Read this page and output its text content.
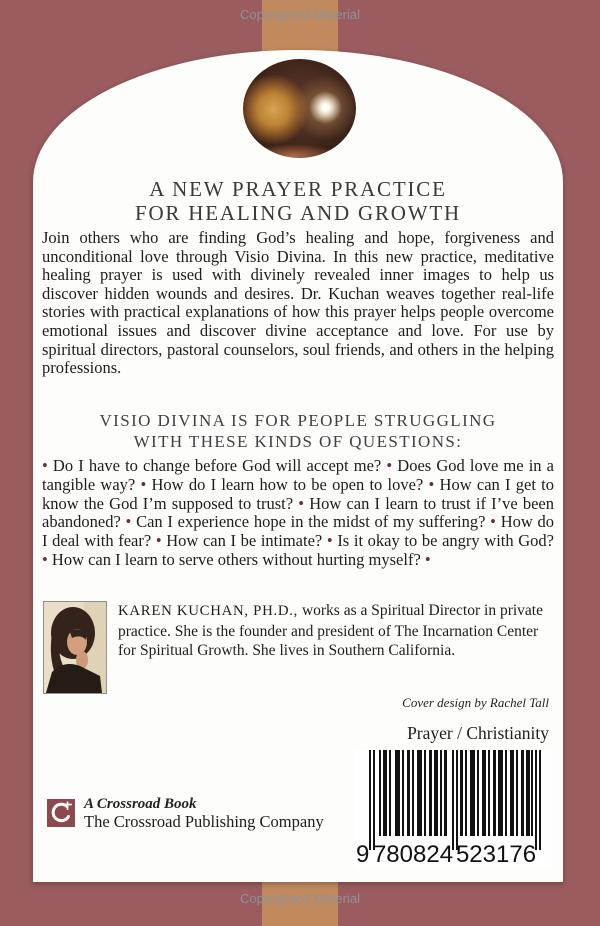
Copyrighted Material
A NEW PRAYER PRACTICE
FOR HEALING AND GROWTH

Join others who are finding God’s healing and hope, forgiveness and unconditional love through Visio Divina. In this new practice, meditative healing prayer is used with divinely revealed inner images to help us discover hidden wounds and desires. Dr. Kuchan weaves together real-life stories with practical explanations of how this prayer helps people overcome emotional issues and discover divine acceptance and love. For use by spiritual directors, pastoral counselors, soul friends, and others in the helping professions.

VISIO DIVINA IS FOR PEOPLE STRUGGLING
WITH THESE KINDS OF QUESTIONS:

• Do I have to change before God will accept me? • Does God love me in a tangible way? • How do I learn how to be open to love? • How can I get to know the God I’m supposed to trust? • How can I learn to trust if I’ve been abandoned? • Can I experience hope in the midst of my suffering? • How do I deal with fear? • How can I be intimate? • Is it okay to be angry with God? • How can I learn to serve others without hurting myself? •

KAREN KUCHAN, PH.D., works as a Spiritual Director in private practice. She is the founder and president of The Incarnation Center for Spiritual Growth. She lives in Southern California.

Cover design by Rachel Tall
Prayer / Christianity
9 780824 523176
A Crossroad Book
The Crossroad Publishing Company
Copyrighted Material
